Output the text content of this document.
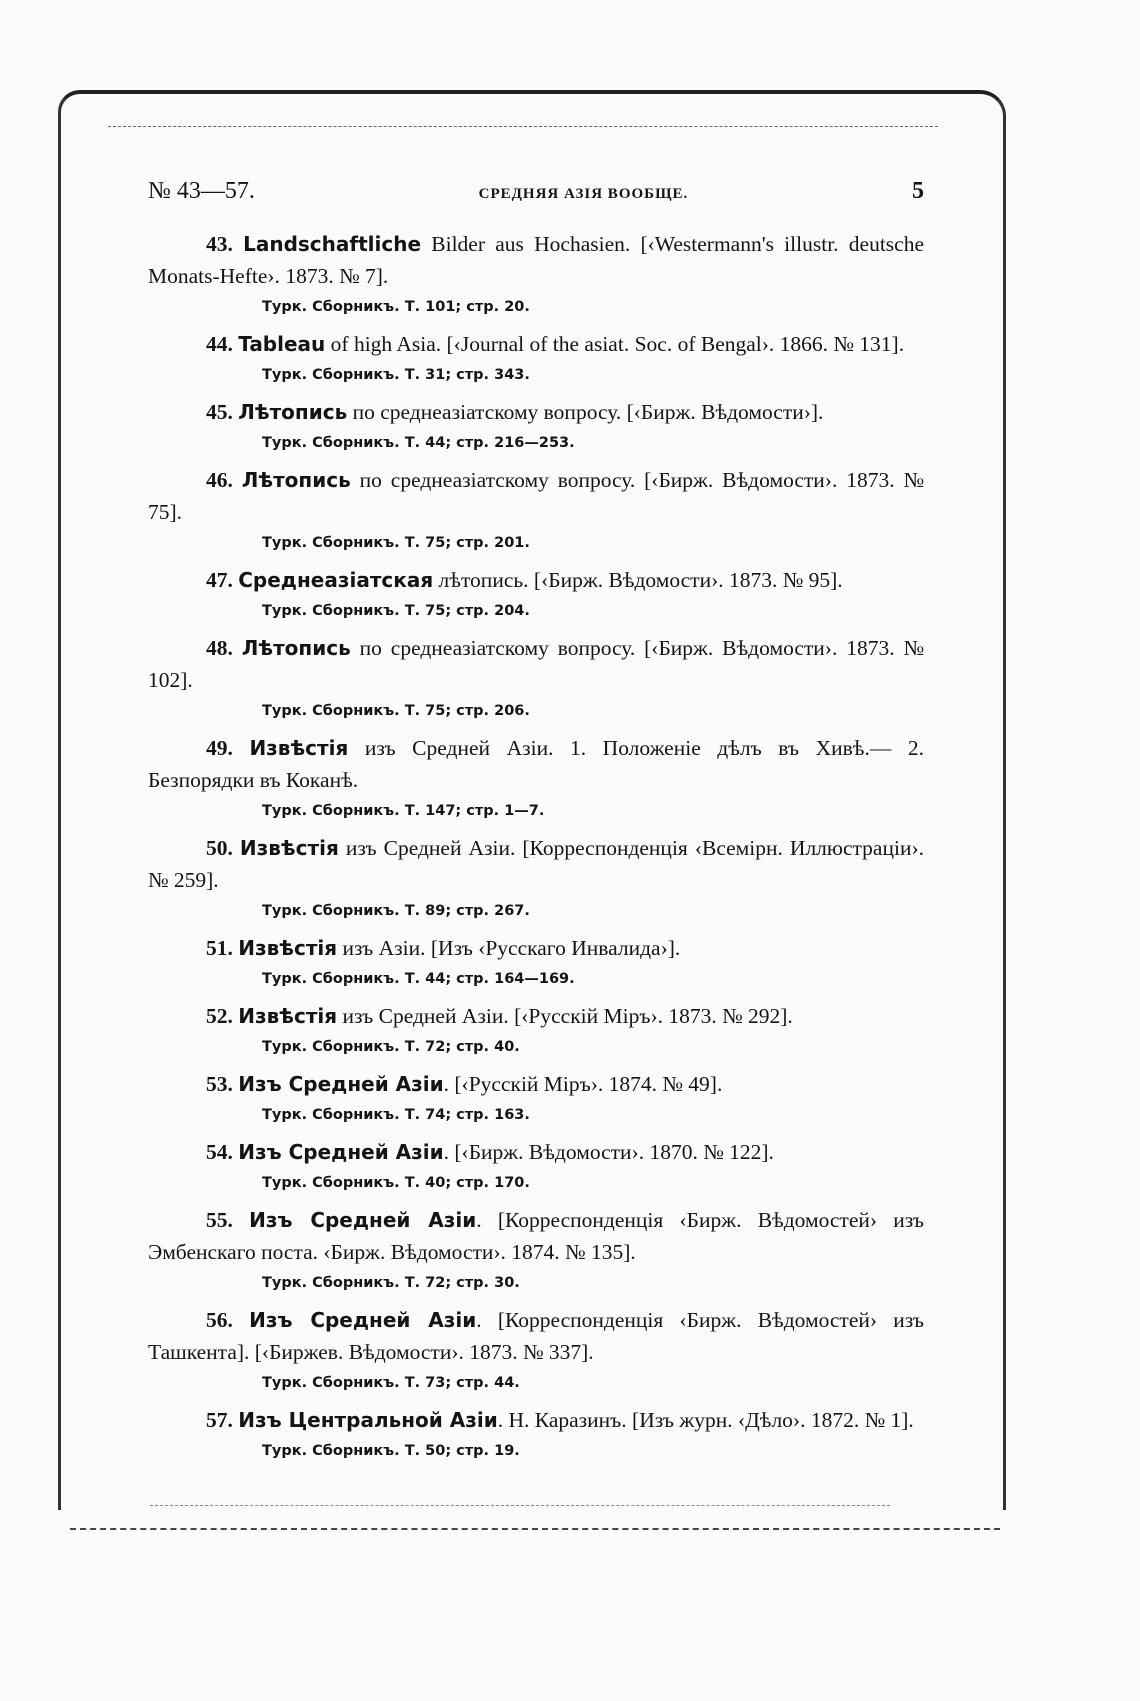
№ 43—57.	СРЕДНЯЯ АЗІЯ ВООБЩЕ.	5

43. Landschaftliche Bilder aus Hochasien. [‹Westermann's illustr. deutsche Monats-Hefte›. 1873. № 7].

Турк. Сборникъ. Т. 101; стр. 20.

44. Tableau of high Asia. [‹Journal of the asiat. Soc. of Bengal›. 1866. № 131].

Турк. Сборникъ. Т. 31; стр. 343.

45. Лѣтопись по среднеазіатскому вопросу. [‹Бирж. Вѣдомости›].

Турк. Сборникъ. Т. 44; стр. 216—253.

46. Лѣтопись по среднеазіатскому вопросу. [‹Бирж. Вѣдомости›. 1873. № 75].

Турк. Сборникъ. Т. 75; стр. 201.

47. Среднеазіатская лѣтопись. [‹Бирж. Вѣдомости›. 1873. № 95].

Турк. Сборникъ. Т. 75; стр. 204.

48. Лѣтопись по среднеазіатскому вопросу. [‹Бирж. Вѣдомости›. 1873. № 102].

Турк. Сборникъ. Т. 75; стр. 206.

49. Извѣстія изъ Средней Азіи. 1. Положеніе дѣлъ въ Хивѣ.— 2. Безпорядки въ Коканѣ.

Турк. Сборникъ. Т. 147; стр. 1—7.

50. Извѣстія изъ Средней Азіи. [Корреспонденція ‹Всемірн. Иллюстраціи›. № 259].

Турк. Сборникъ. Т. 89; стр. 267.

51. Извѣстія изъ Азіи. [Изъ ‹Русскаго Инвалида›].

Турк. Сборникъ. Т. 44; стр. 164—169.

52. Извѣстія изъ Средней Азіи. [‹Русскій Міръ›. 1873. № 292].

Турк. Сборникъ. Т. 72; стр. 40.

53. Изъ Средней Азіи. [‹Русскій Міръ›. 1874. № 49].

Турк. Сборникъ. Т. 74; стр. 163.

54. Изъ Средней Азіи. [‹Бирж. Вѣдомости›. 1870. № 122].

Турк. Сборникъ. Т. 40; стр. 170.

55. Изъ Средней Азіи. [Корреспонденція ‹Бирж. Вѣдомостей› изъ Эмбенскаго поста. ‹Бирж. Вѣдомости›. 1874. № 135].

Турк. Сборникъ. Т. 72; стр. 30.

56. Изъ Средней Азіи. [Корреспонденція ‹Бирж. Вѣдомостей› изъ Ташкента]. [‹Биржев. Вѣдомости›. 1873. № 337].

Турк. Сборникъ. Т. 73; стр. 44.

57. Изъ Центральной Азіи. Н. Каразинъ. [Изъ журн. ‹Дѣло›. 1872. № 1].

Турк. Сборникъ. Т. 50; стр. 19.
